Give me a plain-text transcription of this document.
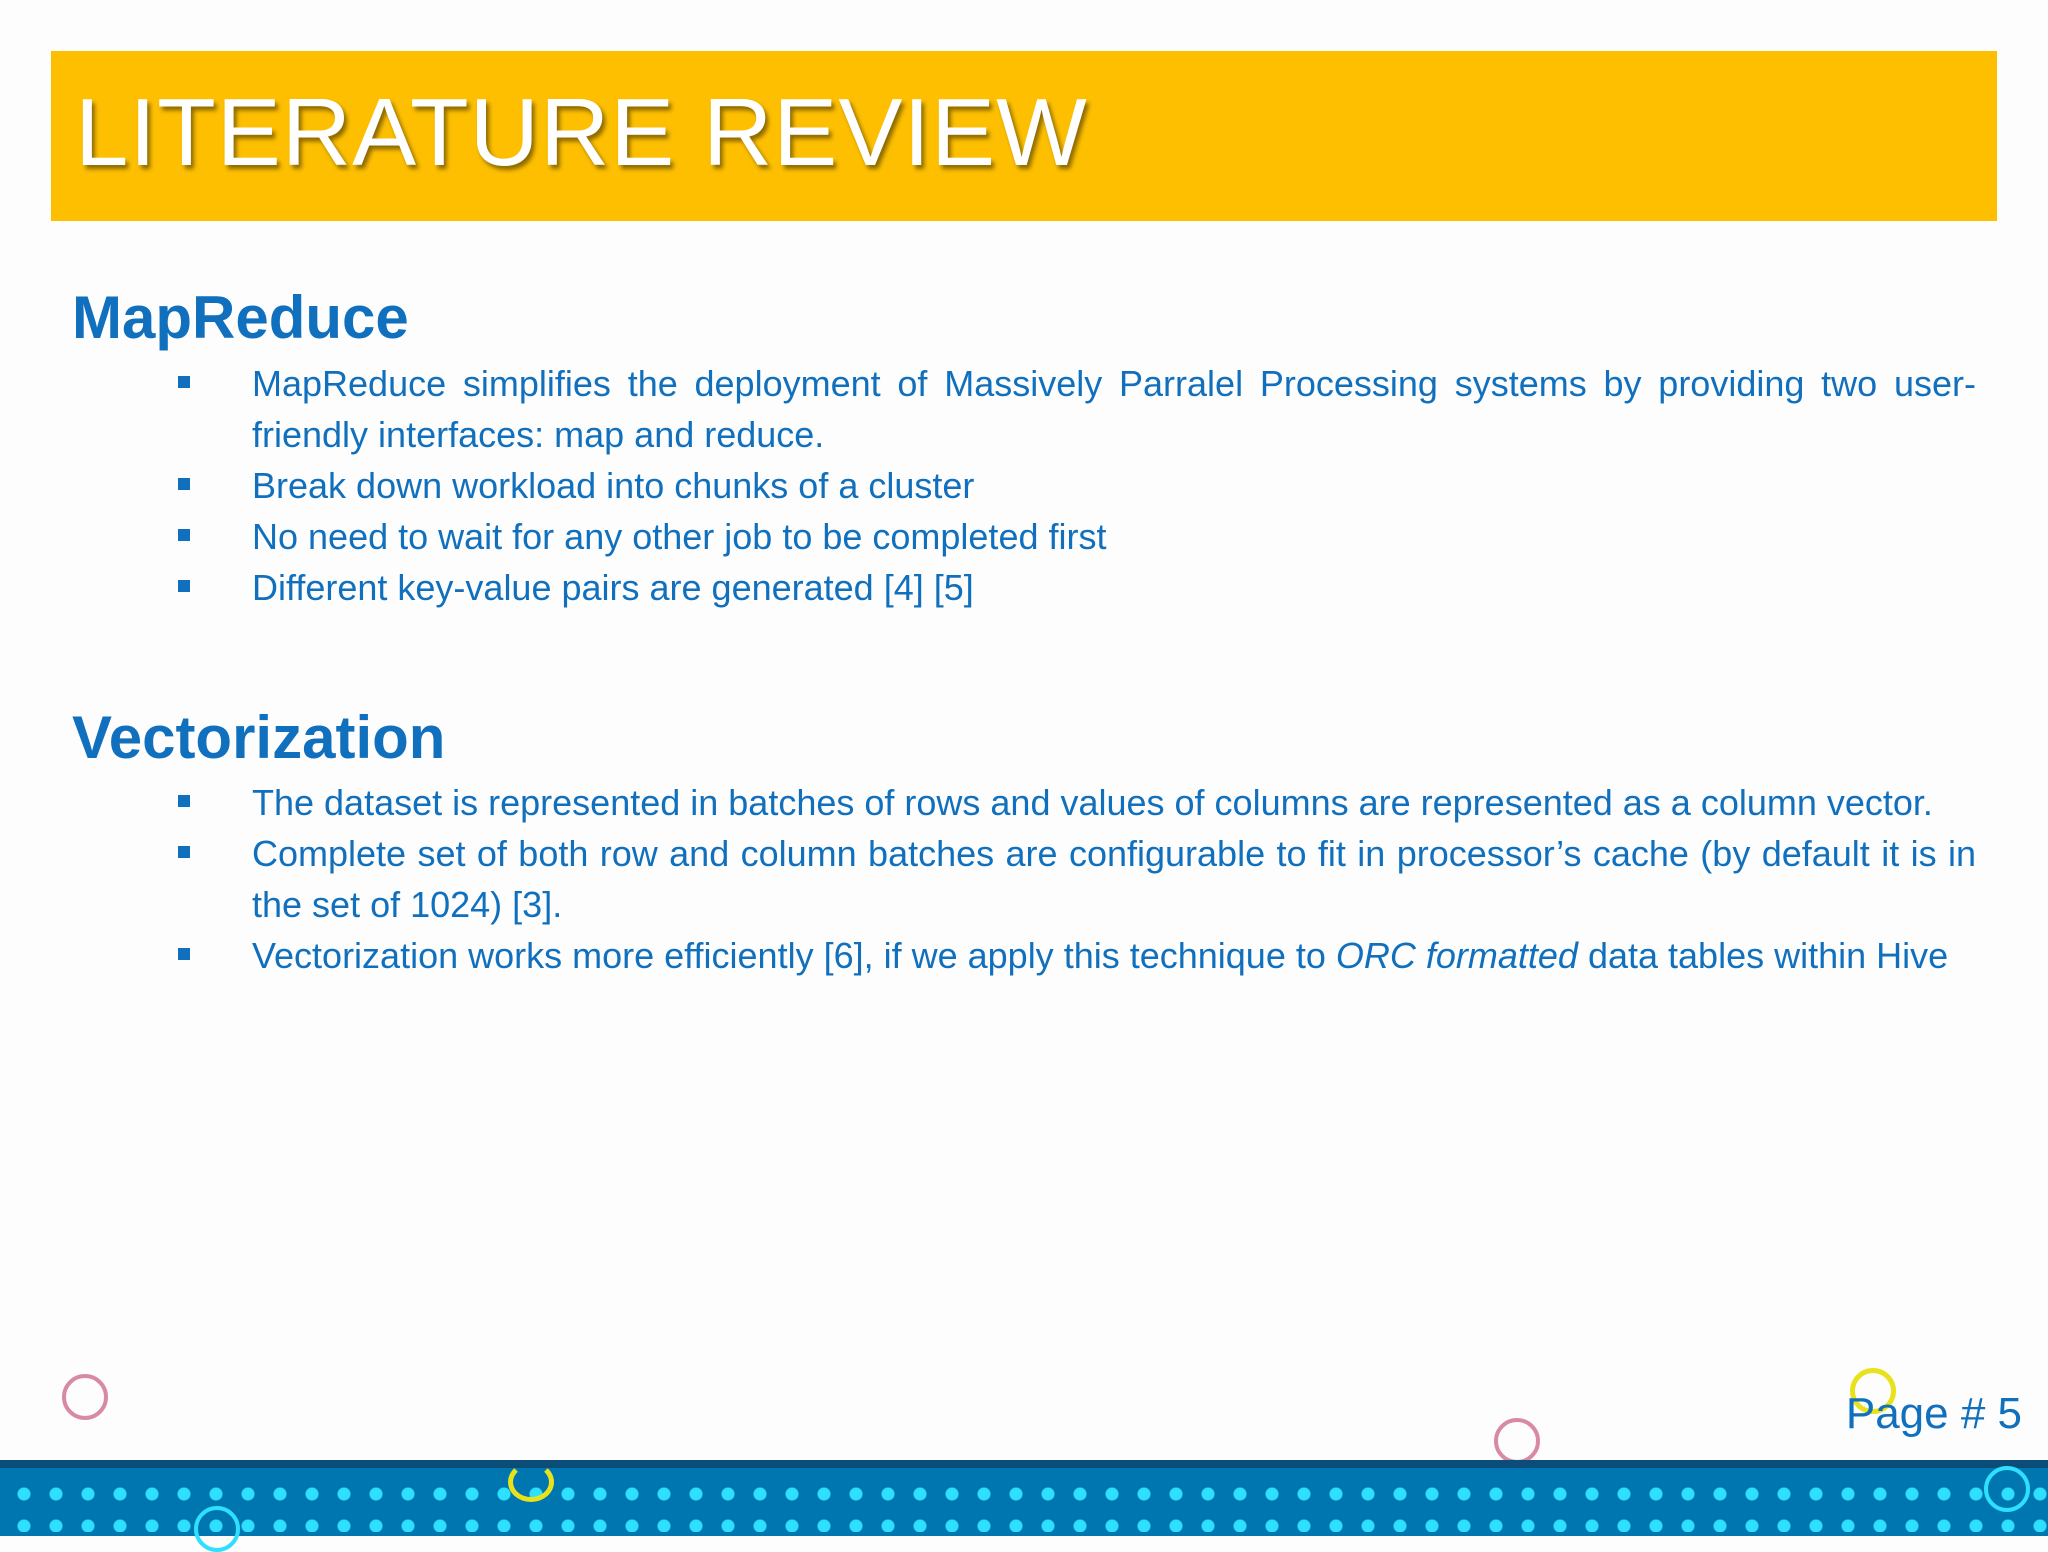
LITERATURE REVIEW
MapReduce
MapReduce simplifies the deployment of Massively Parralel Processing systems by providing two user-friendly interfaces: map and reduce.
Break down workload into chunks of a cluster
No need to wait for any other job to be completed first
Different key-value pairs are generated [4] [5]
Vectorization
The dataset is represented in batches of rows and values of columns are represented as a column vector.
Complete set of both row and column batches are configurable to fit in processor’s cache (by default it is in the set of 1024) [3].
Vectorization works more efficiently [6], if we apply this technique to ORC formatted data tables within Hive
Page # 5
